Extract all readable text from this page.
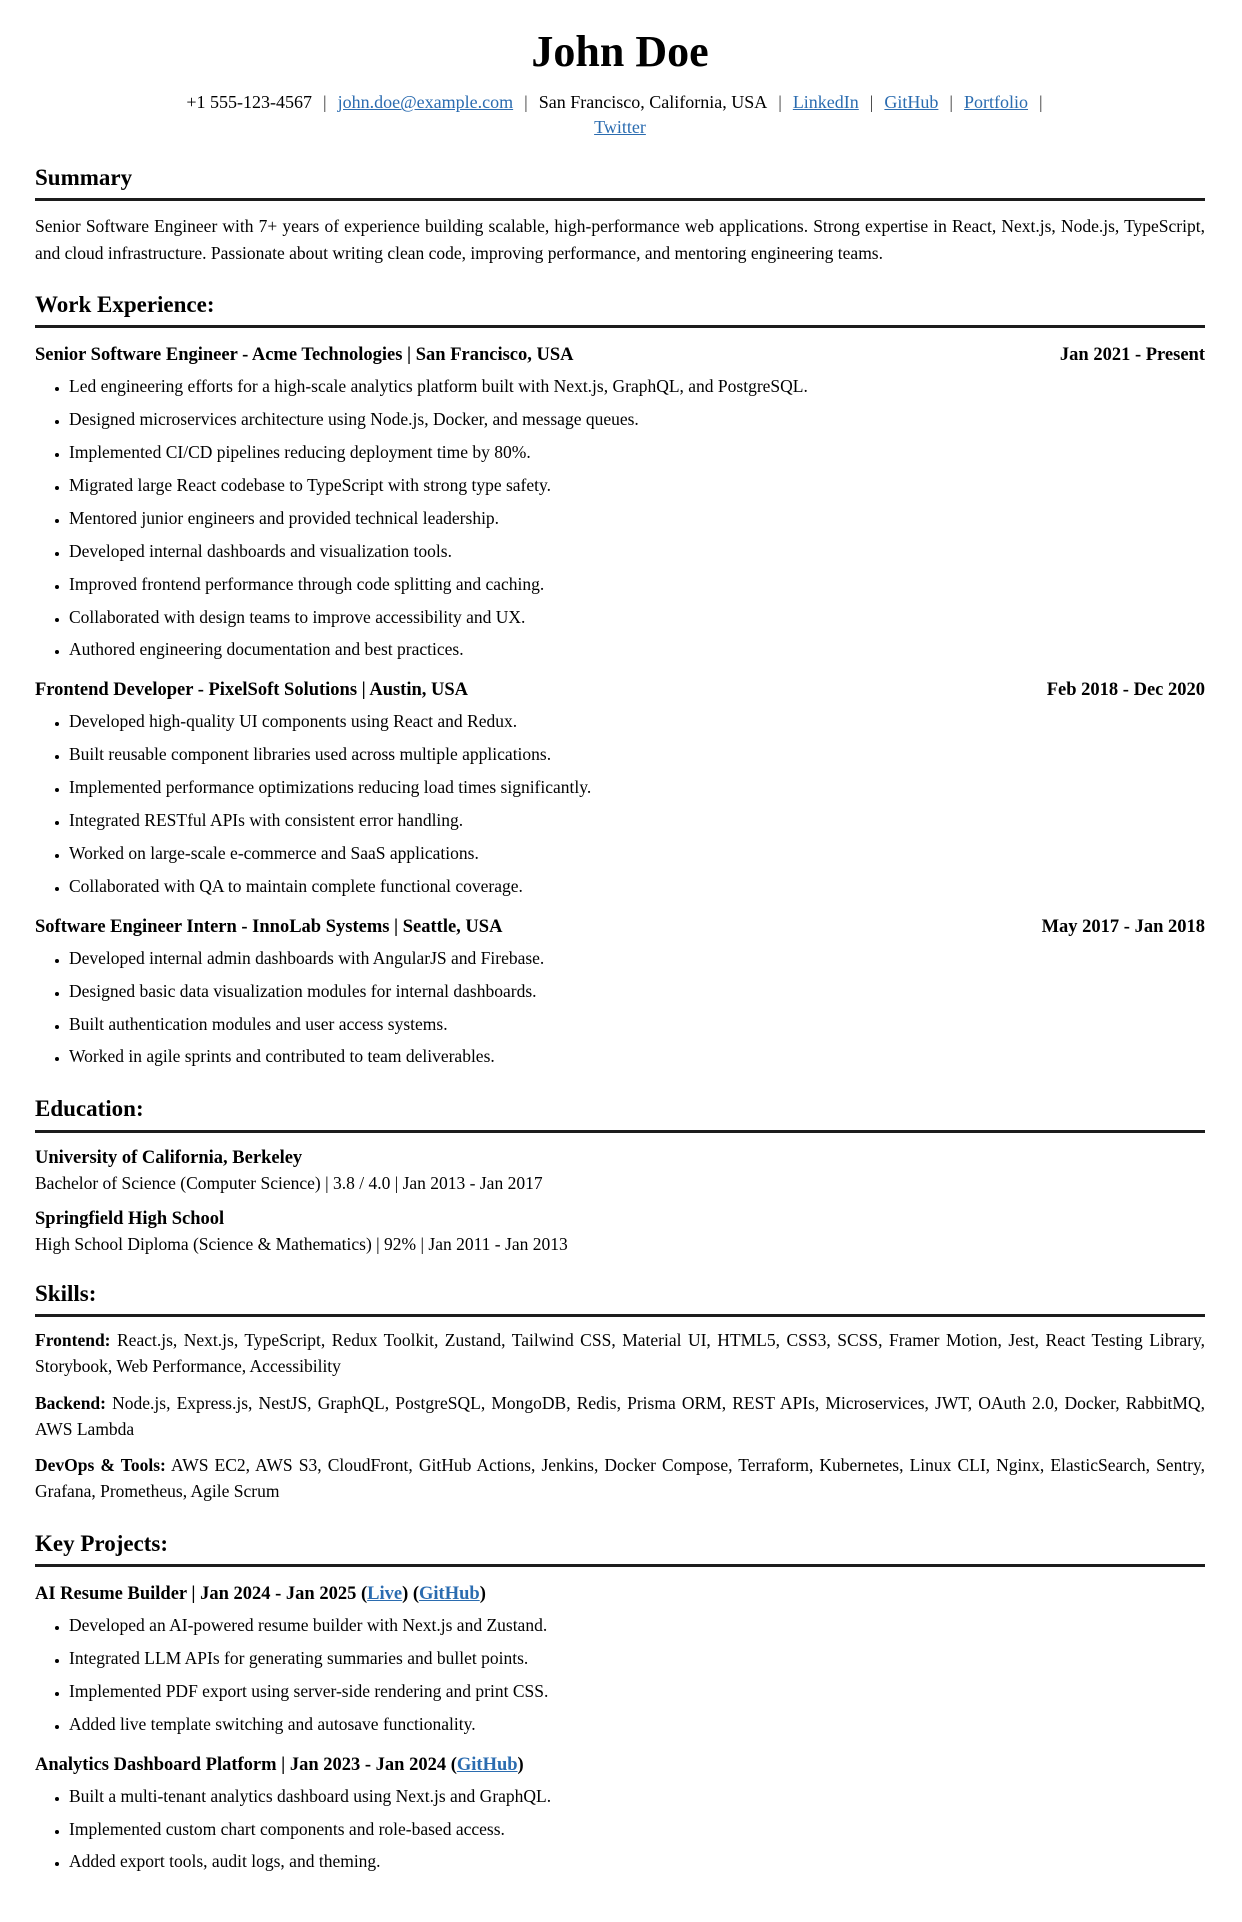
John Doe
+1 555-123-4567 | john.doe@example.com | San Francisco, California, USA | LinkedIn | GitHub | Portfolio |
Twitter
Summary

Senior Software Engineer with 7+ years of experience building scalable, high-performance web applications. Strong expertise in React, Next.js, Node.js, TypeScript, and cloud infrastructure. Passionate about writing clean code, improving performance, and mentoring engineering teams.

Work Experience:
Senior Software Engineer - Acme Technologies | San Francisco, USA	Jan 2021 - Present
• Led engineering efforts for a high-scale analytics platform built with Next.js, GraphQL, and PostgreSQL.
• Designed microservices architecture using Node.js, Docker, and message queues.
• Implemented CI/CD pipelines reducing deployment time by 80%.
• Migrated large React codebase to TypeScript with strong type safety.
• Mentored junior engineers and provided technical leadership.
• Developed internal dashboards and visualization tools.
• Improved frontend performance through code splitting and caching.
• Collaborated with design teams to improve accessibility and UX.
• Authored engineering documentation and best practices.
Frontend Developer - PixelSoft Solutions | Austin, USA	Feb 2018 - Dec 2020
• Developed high-quality UI components using React and Redux.
• Built reusable component libraries used across multiple applications.
• Implemented performance optimizations reducing load times significantly.
• Integrated RESTful APIs with consistent error handling.
• Worked on large-scale e-commerce and SaaS applications.
• Collaborated with QA to maintain complete functional coverage.
Software Engineer Intern - InnoLab Systems | Seattle, USA	May 2017 - Jan 2018
• Developed internal admin dashboards with AngularJS and Firebase.
• Designed basic data visualization modules for internal dashboards.
• Built authentication modules and user access systems.
• Worked in agile sprints and contributed to team deliverables.
Education:

University of California, Berkeley

Bachelor of Science (Computer Science) | 3.8 / 4.0 | Jan 2013 - Jan 2017

Springfield High School

High School Diploma (Science & Mathematics) | 92% | Jan 2011 - Jan 2013

Skills:

Frontend: React.js, Next.js, TypeScript, Redux Toolkit, Zustand, Tailwind CSS, Material UI, HTML5, CSS3, SCSS, Framer Motion, Jest, React Testing Library, Storybook, Web Performance, Accessibility

Backend: Node.js, Express.js, NestJS, GraphQL, PostgreSQL, MongoDB, Redis, Prisma ORM, REST APIs, Microservices, JWT, OAuth 2.0, Docker, RabbitMQ, AWS Lambda

DevOps & Tools: AWS EC2, AWS S3, CloudFront, GitHub Actions, Jenkins, Docker Compose, Terraform, Kubernetes, Linux CLI, Nginx, ElasticSearch, Sentry, Grafana, Prometheus, Agile Scrum

Key Projects:

AI Resume Builder | Jan 2024 - Jan 2025 (Live) (GitHub)

• Developed an AI-powered resume builder with Next.js and Zustand.
• Integrated LLM APIs for generating summaries and bullet points.
• Implemented PDF export using server-side rendering and print CSS.
• Added live template switching and autosave functionality.

Analytics Dashboard Platform | Jan 2023 - Jan 2024 (GitHub)

• Built a multi-tenant analytics dashboard using Next.js and GraphQL.
• Implemented custom chart components and role-based access.
• Added export tools, audit logs, and theming.
